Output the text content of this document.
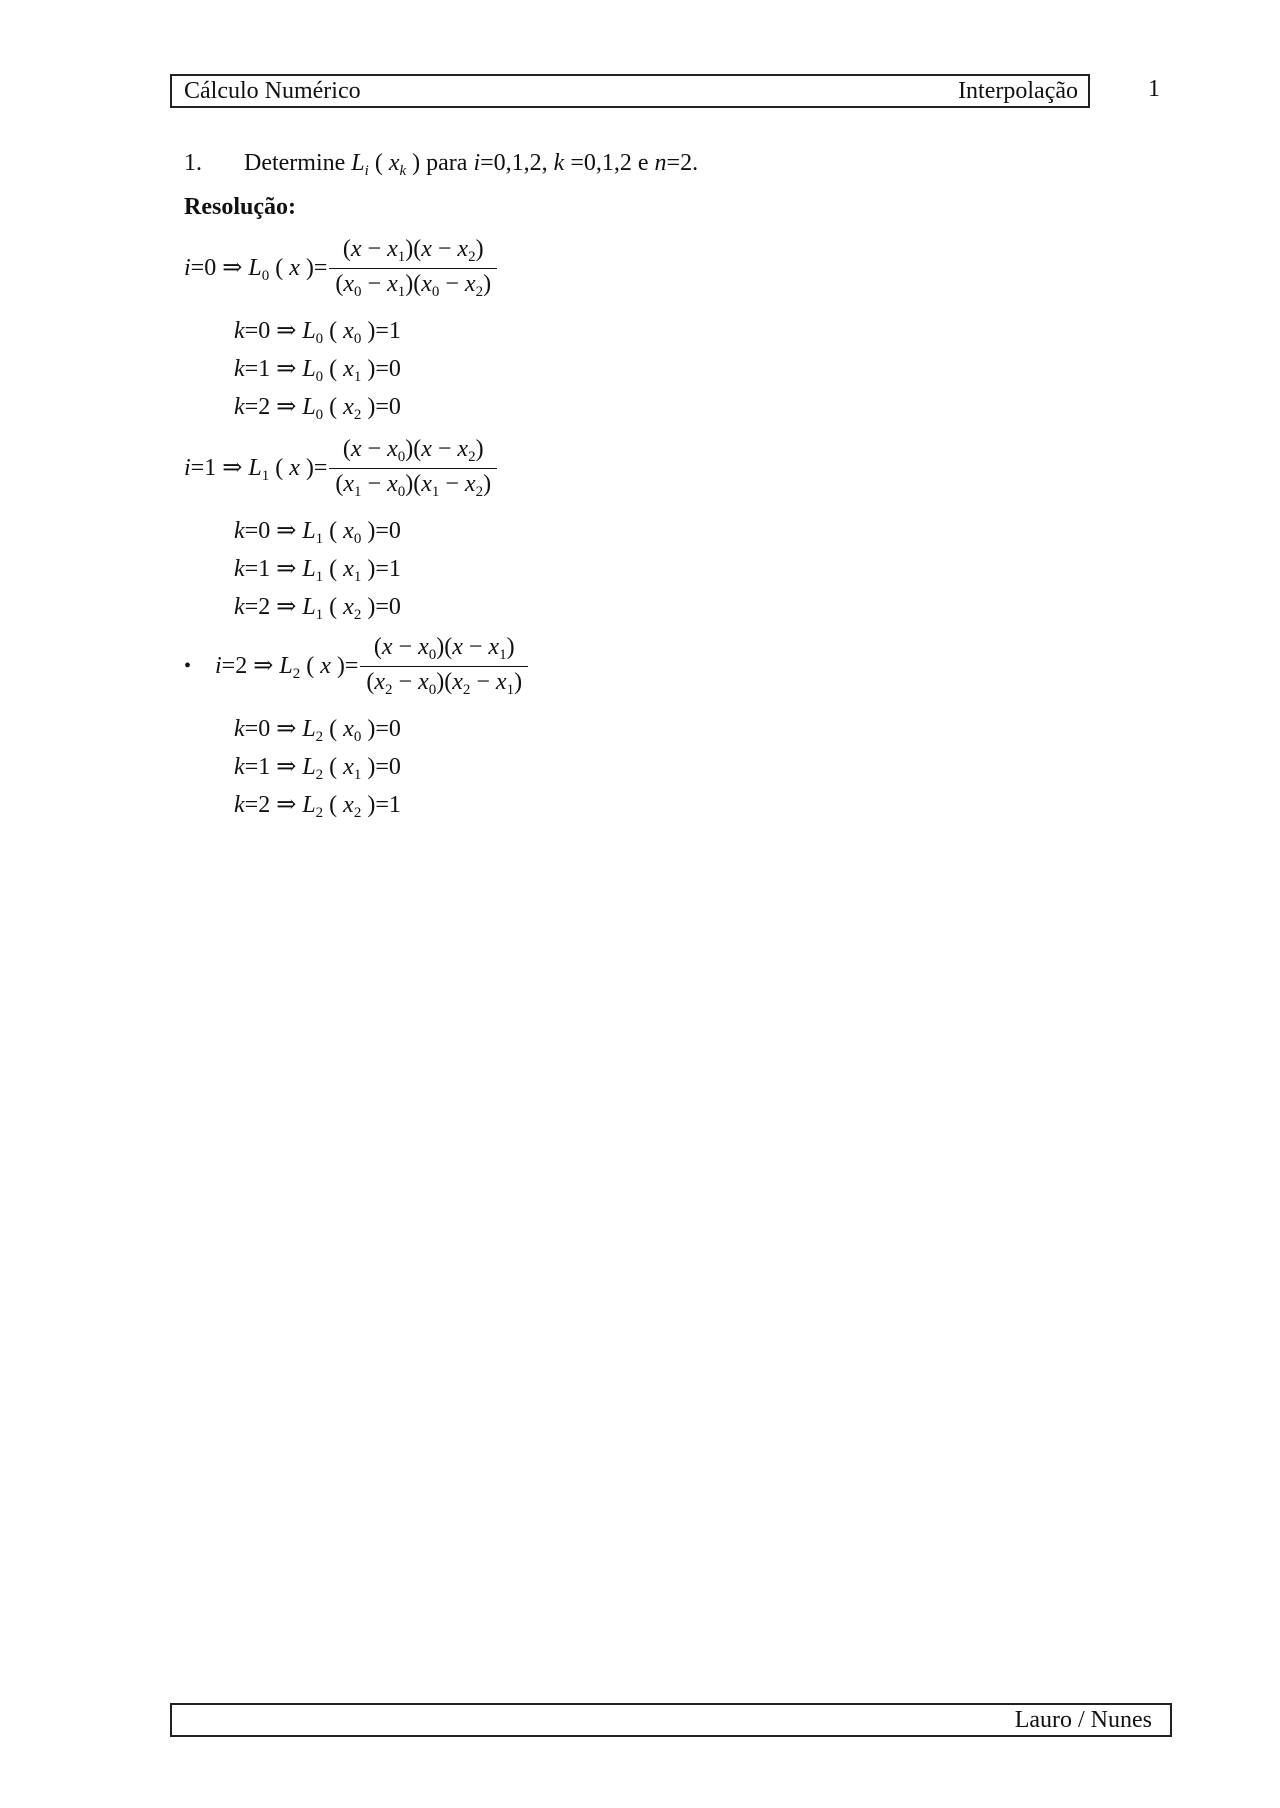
Cálculo Numérico	Interpolação	1
1. Determine $L_i$ ( $x_k$ ) para i=0,1,2, k =0,1,2 e n=2.
Resolução:
i=0 ⇒ $L_0$ ( x )= $\frac{(x - x_1)(x - x_2)}{(x_0 - x_1)(x_0 - x_2)}$
k=0 ⇒ $L_0$ ( $x_0$ )=1
k=1 ⇒ $L_0$ ( $x_1$ )=0
k=2 ⇒ $L_0$ ( $x_2$ )=0
i=1 ⇒ $L_1$ ( x )= $\frac{(x - x_0)(x - x_2)}{(x_1 - x_0)(x_1 - x_2)}$
k=0 ⇒ $L_1$ ( $x_0$ )=0
k=1 ⇒ $L_1$ ( $x_1$ )=1
k=2 ⇒ $L_1$ ( $x_2$ )=0
• i=2 ⇒ $L_2$ ( x )= $\frac{(x - x_0)(x - x_1)}{(x_2 - x_0)(x_2 - x_1)}$
k=0 ⇒ $L_2$ ( $x_0$ )=0
k=1 ⇒ $L_2$ ( $x_1$ )=0
k=2 ⇒ $L_2$ ( $x_2$ )=1
Lauro / Nunes
